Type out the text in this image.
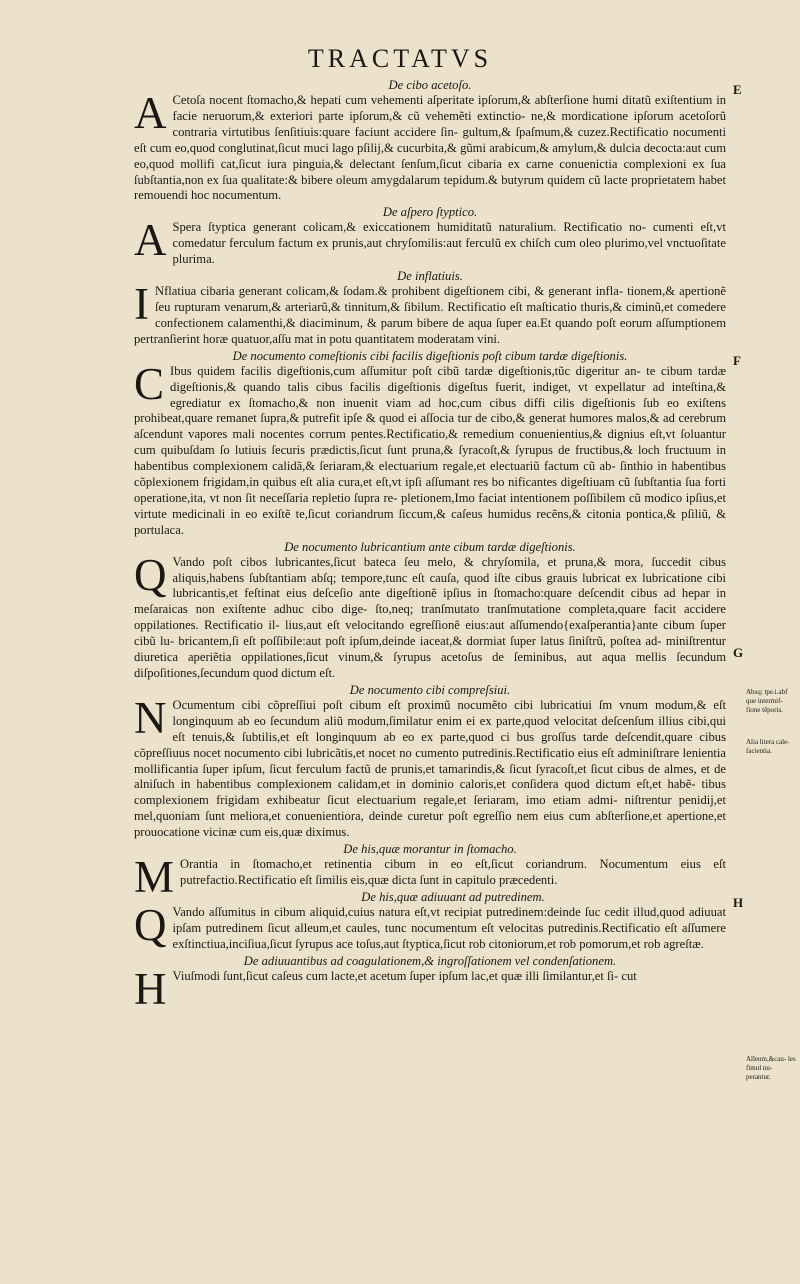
TRACTATVS
E
F
G
H
Absq; tpe.i.abf que intermif- fione tẽporis.
Alia litera cale- facientia.
Alleum,&cau- les fimul nu- perantur.
De cibo acetoſo.

A Cetoſa nocent ſtomacho,& hepati cum vehementi aſperitate ipſorum,& abſterſione humi ditatũ exiſtentium in facie neruorum,& exteriori parte ipſorum,& cũ vehemẽti extinctio- ne,& mordicatione ipſorum acetoſorũ contraria virtutibus ſenſitiuis:quare faciunt accidere ſin- gultum,& ſpaſmum,& cuzez.Rectificatio nocumenti eſt cum eo,quod conglutinat,ſicut muci lago pſilij,& cucurbita,& gũmi arabicum,& amylum,& dulcia decocta:aut cum eo,quod mollifi cat,ſicut iura pinguia,& delectant ſenſum,ſicut cibaria ex carne conuenictia complexioni ex ſua ſubſtantia,non ex ſua qualitate:& bibere oleum amygdalarum tepidum.& butyrum quidem cũ lacte proprietatem habet remouendi hoc nocumentum.

De aſpero ſtyptico.

A Spera ſtyptica generant colicam,& exiccationem humiditatũ naturalium. Rectificatio no- cumenti eſt,vt comedatur ferculum factum ex prunis,aut chryſomilis:aut ferculũ ex chiſch cum oleo plurimo,vel vnctuoſitate plurima.

De inflatiuis.

I Nflatiua cibaria generant colicam,& ſodam.& prohibent digeſtionem cibi, & generant infla- tionem,& apertionẽ ſeu rupturam venarum,& arteriarũ,& tinnitum,& ſibilum. Rectificatio eſt maſticatio thuris,& ciminũ,et comedere confectionem calamenthi,& diaciminum, & parum bibere de aqua ſuper ea.Et quando poſt eorum aſſumptionem pertranſierint horæ quatuor,aſſu mat in potu quantitatem moderatam vini.

De nocumento comeſtionis cibi facilis digeſtionis poſt cibum tardæ digeſtionis.

C Ibus quidem facilis digeſtionis,cum aſſumitur poſt cibũ tardæ digeſtionis,tũc digeritur an- te cibum tardæ digeſtionis,& quando talis cibus facilis digeſtionis digeſtus fuerit, indiget, vt expellatur ad inteſtina,& egrediatur ex ſtomacho,& non inuenit viam ad hoc,cum cibus diffi cilis digeſtionis ſub eo exiſtens prohibeat,quare remanet ſupra,& putrefit ipſe & quod ei aſſocia tur de cibo,& generat humores malos,& ad cerebrum aſcendunt vapores mali nocentes corrum pentes.Rectificatio,& remedium conuenientius,& dignius eſt,vt ſoluantur cum quibuſdam ſo lutiuis ſecuris prædictis,ſicut ſunt pruna,& ſyracoſt,& ſyrupus de fructibus,& loch fructuum in habentibus complexionem calidã,& ſeriaram,& electuarium regale,et electuariũ factum cũ ab- ſinthio in habentibus cõplexionem frigidam,in quibus eſt alia cura,et eſt,vt ipſi aſſumant res bo nificantes digeſtiuam cũ ſubſtantia ſua forti operatione,ita, vt non ſit neceſſaria repletio ſupra re- pletionem,Imo faciat intentionem poſſibilem cũ modico ipſius,et virtute medicinali in eo exiſtẽ te,ſicut coriandrum ſiccum,& caſeus humidus recẽns,& citonia pontica,& pſiliũ, & portulaca.

De nocumento lubricantium ante cibum tardæ digeſtionis.

Q Vando poſt cibos lubricantes,ſicut bateca ſeu melo, & chryſomila, et pruna,& mora, ſuccedit cibus aliquis,habens ſubſtantiam abſq; tempore,tunc eſt cauſa, quod iſte cibus grauis lubricat ex lubricatione cibi lubricantis,et feſtinat eius deſceſio ante digeſtionẽ ipſius in ſtomacho:quare deſcendit cibus ad hepar in meſaraicas non exiſtente adhuc cibo dige- ſto,neq; tranſmutato tranſmutatione completa,quare facit accidere oppilationes. Rectificatio il- lius,aut eſt velocitando egreſſionẽ eius:aut aſſumendo{exaſperantia}ante cibum ſuper cibũ lu- bricantem,ſi eſt poſſibile:aut poſt ipſum,deinde iaceat,& dormiat ſuper latus ſiniſtrũ, poſtea ad- miniſtrentur diuretica aperiẽtia oppilationes,ſicut vinum,& ſyrupus acetoſus de ſeminibus, aut aqua mellis ſecundum diſpoſitiones,ſecundum quod dictum eſt.

De nocumento cibi compreſsiui.

N Ocumentum cibi cõpreſſiui poſt cibum eſt proximũ nocumẽto cibi lubricatiui ſm vnum modum,& eſt longinquum ab eo ſecundum aliũ modum,ſimilatur enim ei ex parte,quod velocitat deſcenſum illius cibi,qui eſt tenuis,& ſubtilis,et eſt longinquum ab eo ex parte,quod ci bus groſſus tarde deſcendit,quare cibus cõpreſſiuus nocet nocumento cibi lubricãtis,et nocet no cumento putredinis.Rectificatio eius eſt adminiſtrare lenientia mollificantia ſuper ipſum, ſicut ferculum factũ de prunis,et tamarindis,& ſicut ſyracoſt,et ſicut cibus de almes, et de alniſuch in habentibus complexionem calidam,et in dominio caloris,et conſidera quod dictum eſt,et habẽ- tibus complexionem frigidam exhibeatur ſicut electuarium regale,et ſeriaram, imo etiam admi- niſtrentur penidij,et mel,quoniam ſunt meliora,et conuenientiora, deinde curetur poſt egreſſio nem eius cum abſterſione,et apertione,et prouocatione vicinæ cum eis,quæ diximus.

De his,quæ morantur in ſtomacho.

M Orantia in ſtomacho,et retinentia cibum in eo eſt,ſicut coriandrum. Nocumentum eius eſt putrefactio.Rectificatio eſt ſimilis eis,quæ dicta ſunt in capitulo præcedenti.

De his,quæ adiuuant ad putredinem.

Q Vando aſſumitus in cibum aliquid,cuius natura eſt,vt recipiat putredinem:deinde ſuc cedit illud,quod adiuuat ipſam putredinem ſicut alleum,et caules, tunc nocumentum eſt velocitas putredinis.Rectificatio eſt aſſumere exſtinctiua,inciſiua,ſicut ſyrupus ace toſus,aut ſtyptica,ſicut rob citoniorum,et rob pomorum,et rob agreſtæ.

De adiuuantibus ad coagulationem,& ingroſſationem vel condenſationem.

H Viuſmodi ſunt,ſicut caſeus cum lacte,et acetum ſuper ipſum lac,et quæ illi ſimilantur,et ſi- cut
